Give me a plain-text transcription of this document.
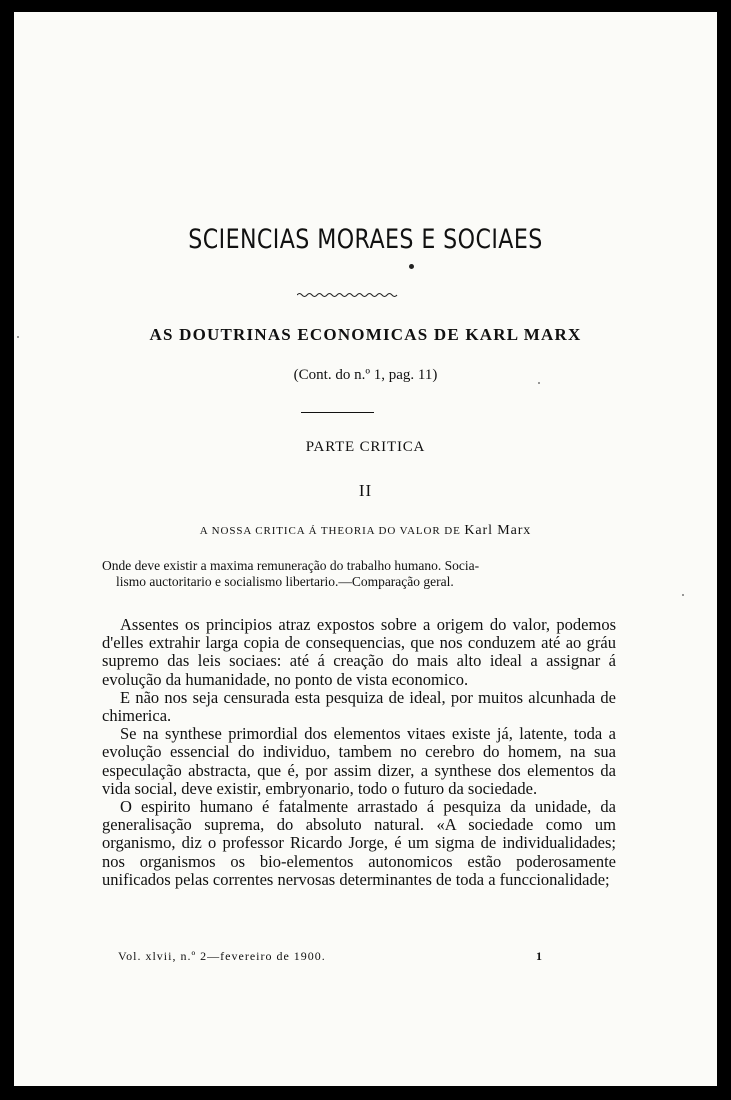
SCIENCIAS MORAES E SOCIAES
AS DOUTRINAS ECONOMICAS DE KARL MARX
(Cont. do n.º 1, pag. 11)
PARTE CRITICA
II
A NOSSA CRITICA Á THEORIA DO VALOR DE Karl Marx
Onde deve existir a maxima remuneração do trabalho humano. Socia-
lismo auctoritario e socialismo libertario.—Comparação geral.

Assentes os principios atraz expostos sobre a origem do valor, podemos d'elles extrahir larga copia de consequencias, que nos conduzem até ao gráu supremo das leis sociaes: até á creação do mais alto ideal a assignar á evolução da humanidade, no ponto de vista economico.

E não nos seja censurada esta pesquiza de ideal, por muitos alcunhada de chimerica.

Se na synthese primordial dos elementos vitaes existe já, latente, toda a evolução essencial do individuo, tambem no cerebro do homem, na sua especulação abstracta, que é, por assim dizer, a synthese dos elementos da vida social, deve existir, embryonario, todo o futuro da sociedade.

O espirito humano é fatalmente arrastado á pesquiza da unidade, da generalisação suprema, do absoluto natural. «A sociedade como um organismo, diz o professor Ricardo Jorge, é um sigma de individualidades; nos organismos os bio-elementos autonomicos estão poderosamente unificados pelas correntes nervosas determinantes de toda a funccionalidade;

Vol. xlvii, n.º 2—fevereiro de 1900.	1
